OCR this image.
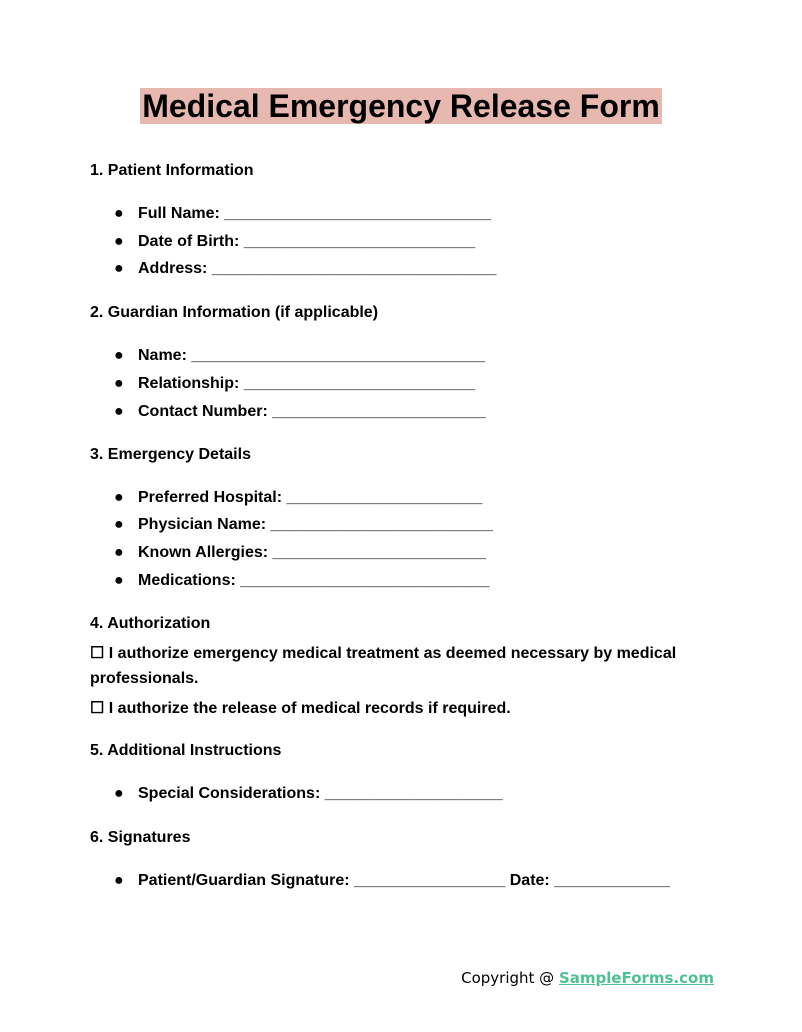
Medical Emergency Release Form
1. Patient Information
● Full Name: ______________________________
● Date of Birth: __________________________
● Address: ________________________________
2. Guardian Information (if applicable)
● Name: _________________________________
● Relationship: __________________________
● Contact Number: ________________________
3. Emergency Details
● Preferred Hospital: ______________________
● Physician Name: _________________________
● Known Allergies: ________________________
● Medications: ____________________________
4. Authorization
☐ I authorize emergency medical treatment as deemed necessary by medical
professionals.
☐ I authorize the release of medical records if required.
5. Additional Instructions
● Special Considerations: ____________________
6. Signatures
● Patient/Guardian Signature: _________________ Date: _____________
Copyright @ SampleForms.com
